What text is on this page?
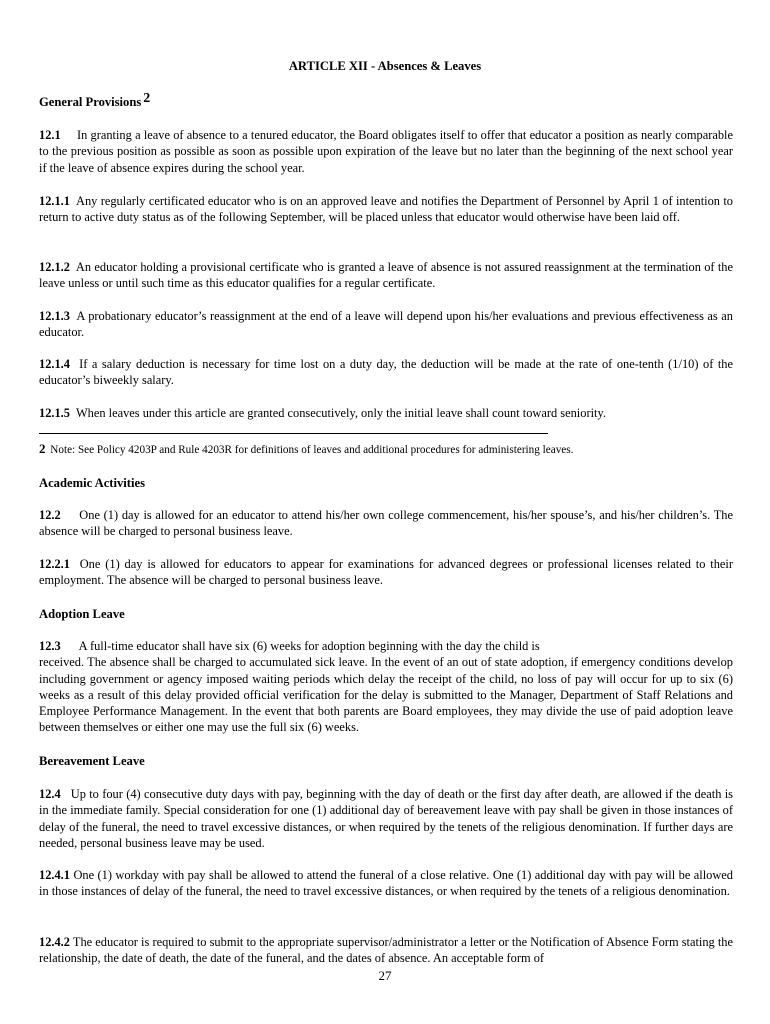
ARTICLE XII - Absences & Leaves
General Provisions 2

12.1 In granting a leave of absence to a tenured educator, the Board obligates itself to offer that educator a position as nearly comparable to the previous position as possible as soon as possible upon expiration of the leave but no later than the beginning of the next school year if the leave of absence expires during the school year.

12.1.1 Any regularly certificated educator who is on an approved leave and notifies the Department of Personnel by April 1 of intention to return to active duty status as of the following September, will be placed unless that educator would otherwise have been laid off.

12.1.2 An educator holding a provisional certificate who is granted a leave of absence is not assured reassignment at the termination of the leave unless or until such time as this educator qualifies for a regular certificate.

12.1.3 A probationary educator’s reassignment at the end of a leave will depend upon his/her evaluations and previous effectiveness as an educator.

12.1.4 If a salary deduction is necessary for time lost on a duty day, the deduction will be made at the rate of one-tenth (1/10) of the educator’s biweekly salary.

12.1.5 When leaves under this article are granted consecutively, only the initial leave shall count toward seniority.

2 Note: See Policy 4203P and Rule 4203R for definitions of leaves and additional procedures for administering leaves.
Academic Activities

12.2 One (1) day is allowed for an educator to attend his/her own college commencement, his/her spouse’s, and his/her children’s. The absence will be charged to personal business leave.

12.2.1 One (1) day is allowed for educators to appear for examinations for advanced degrees or professional licenses related to their employment. The absence will be charged to personal business leave.

Adoption Leave
12.3 A full-time educator shall have six (6) weeks for adoption beginning with the day the child is
received. The absence shall be charged to accumulated sick leave. In the event of an out of state adoption, if emergency conditions develop including government or agency imposed waiting periods which delay the receipt of the child, no loss of pay will occur for up to six (6) weeks as a result of this delay provided official verification for the delay is submitted to the Manager, Department of Staff Relations and Employee Performance Management. In the event that both parents are Board employees, they may divide the use of paid adoption leave between themselves or either one may use the full six (6) weeks.
Bereavement Leave

12.4 Up to four (4) consecutive duty days with pay, beginning with the day of death or the first day after death, are allowed if the death is in the immediate family. Special consideration for one (1) additional day of bereavement leave with pay shall be given in those instances of delay of the funeral, the need to travel excessive distances, or when required by the tenets of the religious denomination. If further days are needed, personal business leave may be used.

12.4.1 One (1) workday with pay shall be allowed to attend the funeral of a close relative. One (1) additional day with pay will be allowed in those instances of delay of the funeral, the need to travel excessive distances, or when required by the tenets of a religious denomination.

12.4.2 The educator is required to submit to the appropriate supervisor/administrator a letter or the Notification of Absence Form stating the relationship, the date of death, the date of the funeral, and the dates of absence. An acceptable form of

27
